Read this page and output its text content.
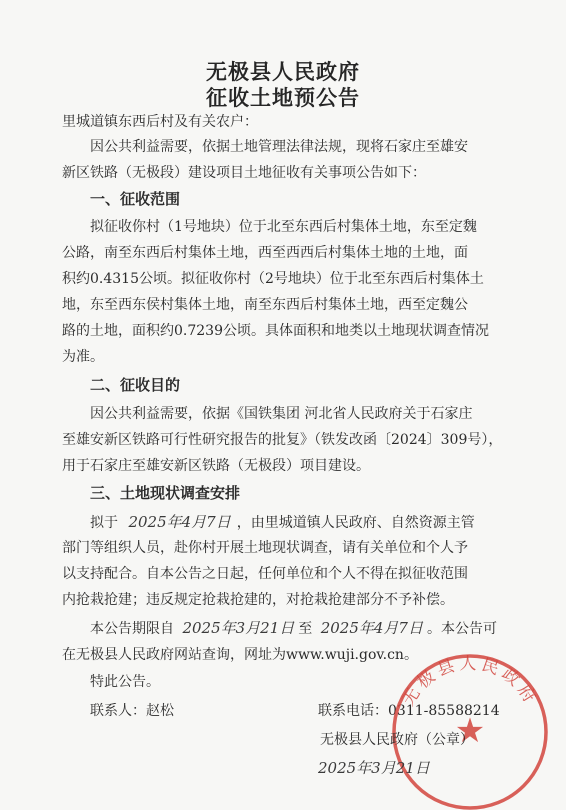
无极县人民政府
征收土地预公告
里城道镇东西后村及有关农户：
因公共利益需要，依据土地管理法律法规，现将石家庄至雄安
新区铁路（无极段）建设项目土地征收有关事项公告如下：
一、征收范围
拟征收你村（1号地块）位于北至东西后村集体土地，东至定魏
公路，南至东西后村集体土地，西至西西后村集体土地的土地，面
积约0.4315公顷。拟征收你村（2号地块）位于北至东西后村集体土
地，东至西东侯村集体土地，南至东西后村集体土地，西至定魏公
路的土地，面积约0.7239公顷。具体面积和地类以土地现状调查情况
为准。
二、征收目的
因公共利益需要，依据《国铁集团 河北省人民政府关于石家庄
至雄安新区铁路可行性研究报告的批复》（铁发改函〔2024〕309号），
用于石家庄至雄安新区铁路（无极段）项目建设。
三、土地现状调查安排
拟于 2025年4月7日 ，由里城道镇人民政府、自然资源主管
部门等组织人员，赴你村开展土地现状调查，请有关单位和个人予
以支持配合。自本公告之日起，任何单位和个人不得在拟征收范围
内抢栽抢建；违反规定抢栽抢建的，对抢栽抢建部分不予补偿。
本公告期限自 2025年3月21日 至 2025年4月7日 。本公告可
在无极县人民政府网站查询，网址为www.wuji.gov.cn。
特此公告。
联系人：赵松	联系电话：0311-85588214
无极县人民政府
★
无极县人民政府（公章）
2025年3月21日
